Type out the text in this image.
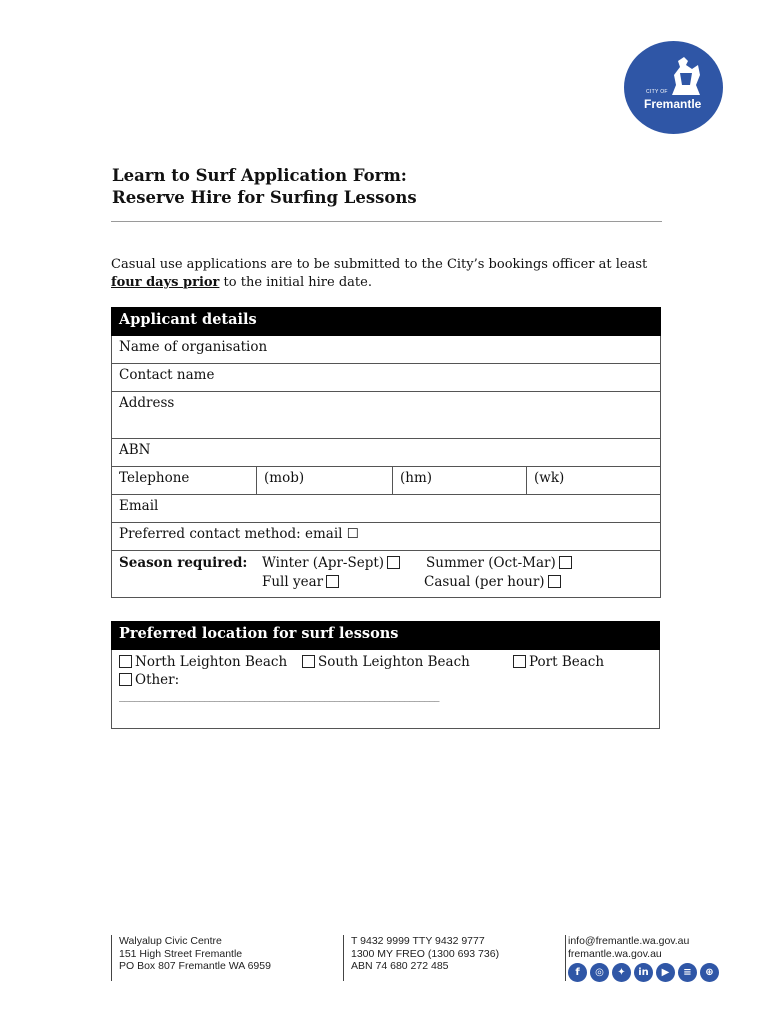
CITY OF
Fremantle
Learn to Surf Application Form:
Reserve Hire for Surfing Lessons

Casual use applications are to be submitted to the City’s bookings officer at least four days prior to the initial hire date.

Applicant details
Name of organisation
Contact name
Address
ABN
Telephone	(mob)	(hm)	(wk)
Email
Preferred contact method: email ☐

Season required: Winter (Apr-Sept)	Summer (Oct-Mar)
Full year	Casual (per hour)
Preferred location for surf lessons

North Leighton Beach	South Leighton Beach	Port Beach
Other:
________________________________________________________________
Walyalup Civic Centre
151 High Street Fremantle
PO Box 807 Fremantle WA 6959
T 9432 9999 TTY 9432 9777
1300 MY FREO (1300 693 736)
ABN 74 680 272 485
info@fremantle.wa.gov.au
fremantle.wa.gov.au
f	◎	✦	in	▶	≡	⊕
